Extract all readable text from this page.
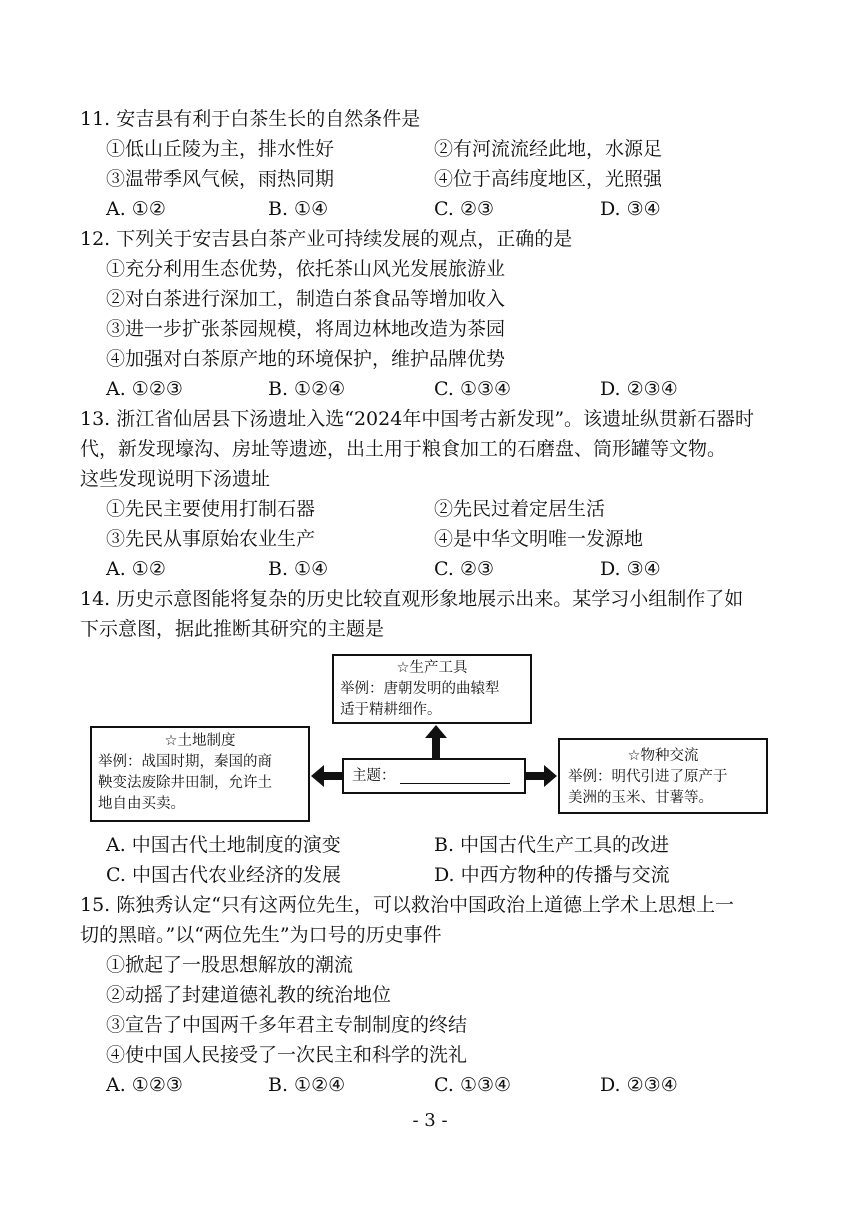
11. 安吉县有利于白茶生长的自然条件是
①低山丘陵为主，排水性好	②有河流流经此地，水源足
③温带季风气候，雨热同期	④位于高纬度地区，光照强
A. ①②	B. ①④	C. ②③	D. ③④
12. 下列关于安吉县白茶产业可持续发展的观点，正确的是
①充分利用生态优势，依托茶山风光发展旅游业
②对白茶进行深加工，制造白茶食品等增加收入
③进一步扩张茶园规模，将周边林地改造为茶园
④加强对白茶原产地的环境保护，维护品牌优势
A. ①②③	B. ①②④	C. ①③④	D. ②③④
13. 浙江省仙居县下汤遗址入选“2024年中国考古新发现”。该遗址纵贯新石器时
代，新发现壕沟、房址等遗迹，出土用于粮食加工的石磨盘、筒形罐等文物。
这些发现说明下汤遗址
①先民主要使用打制石器	②先民过着定居生活
③先民从事原始农业生产	④是中华文明唯一发源地
A. ①②	B. ①④	C. ②③	D. ③④
14. 历史示意图能将复杂的历史比较直观形象地展示出来。某学习小组制作了如
下示意图，据此推断其研究的主题是
☆生产工具
举例：唐朝发明的曲辕犁
适于精耕细作。
☆土地制度
举例：战国时期，秦国的商
鞅变法废除井田制，允许土
地自由买卖。
主题：
☆物种交流
举例：明代引进了原产于
美洲的玉米、甘薯等。
A. 中国古代土地制度的演变	B. 中国古代生产工具的改进
C. 中国古代农业经济的发展	D. 中西方物种的传播与交流
15. 陈独秀认定“只有这两位先生，可以救治中国政治上道德上学术上思想上一
切的黑暗。”以“两位先生”为口号的历史事件
①掀起了一股思想解放的潮流
②动摇了封建道德礼教的统治地位
③宣告了中国两千多年君主专制制度的终结
④使中国人民接受了一次民主和科学的洗礼
A. ①②③	B. ①②④	C. ①③④	D. ②③④
- 3 -
